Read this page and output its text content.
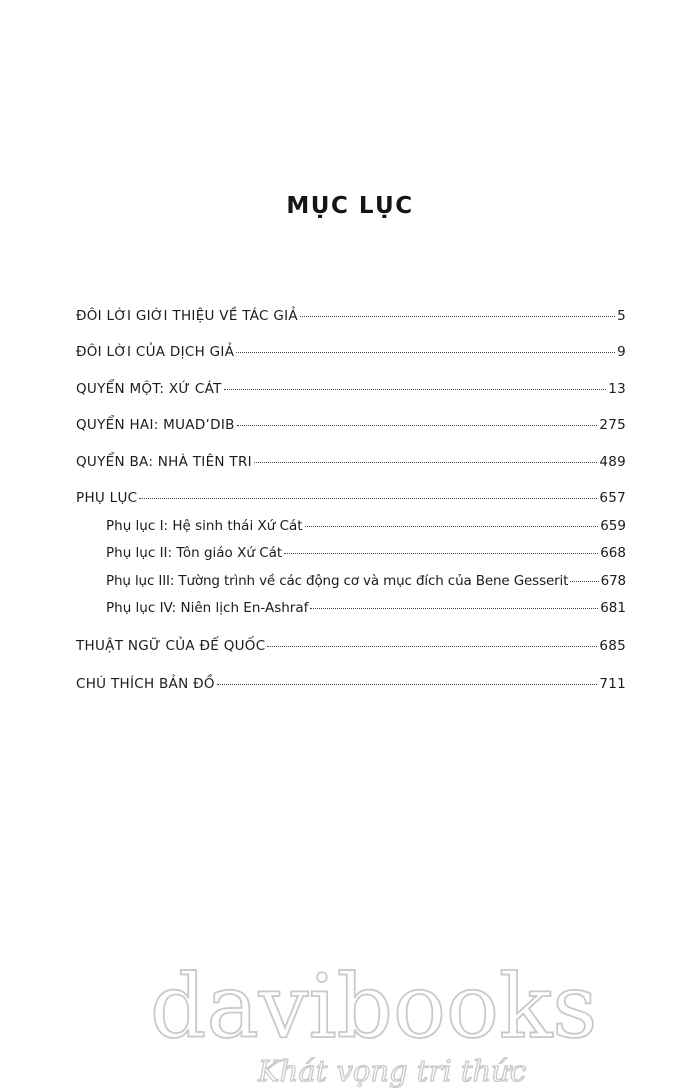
MỤC LỤC
ĐÔI LỜI GIỚI THIỆU VỀ TÁC GIẢ	5
ĐÔI LỜI CỦA DỊCH GIẢ	9
QUYỂN MỘT: XỨ CÁT	13
QUYỂN HAI: MUAD’DIB	275
QUYỂN BA: NHÀ TIÊN TRI	489
PHỤ LỤC	657
Phụ lục I: Hệ sinh thái Xứ Cát	659
Phụ lục II: Tôn giáo Xứ Cát	668
Phụ lục III: Tường trình về các động cơ và mục đích của Bene Gesserit 678
Phụ lục IV: Niên lịch En-Ashraf	681
THUẬT NGỮ CỦA ĐẾ QUỐC	685
CHÚ THÍCH BẢN ĐỒ	711
davibooks
Khát vọng tri thức
